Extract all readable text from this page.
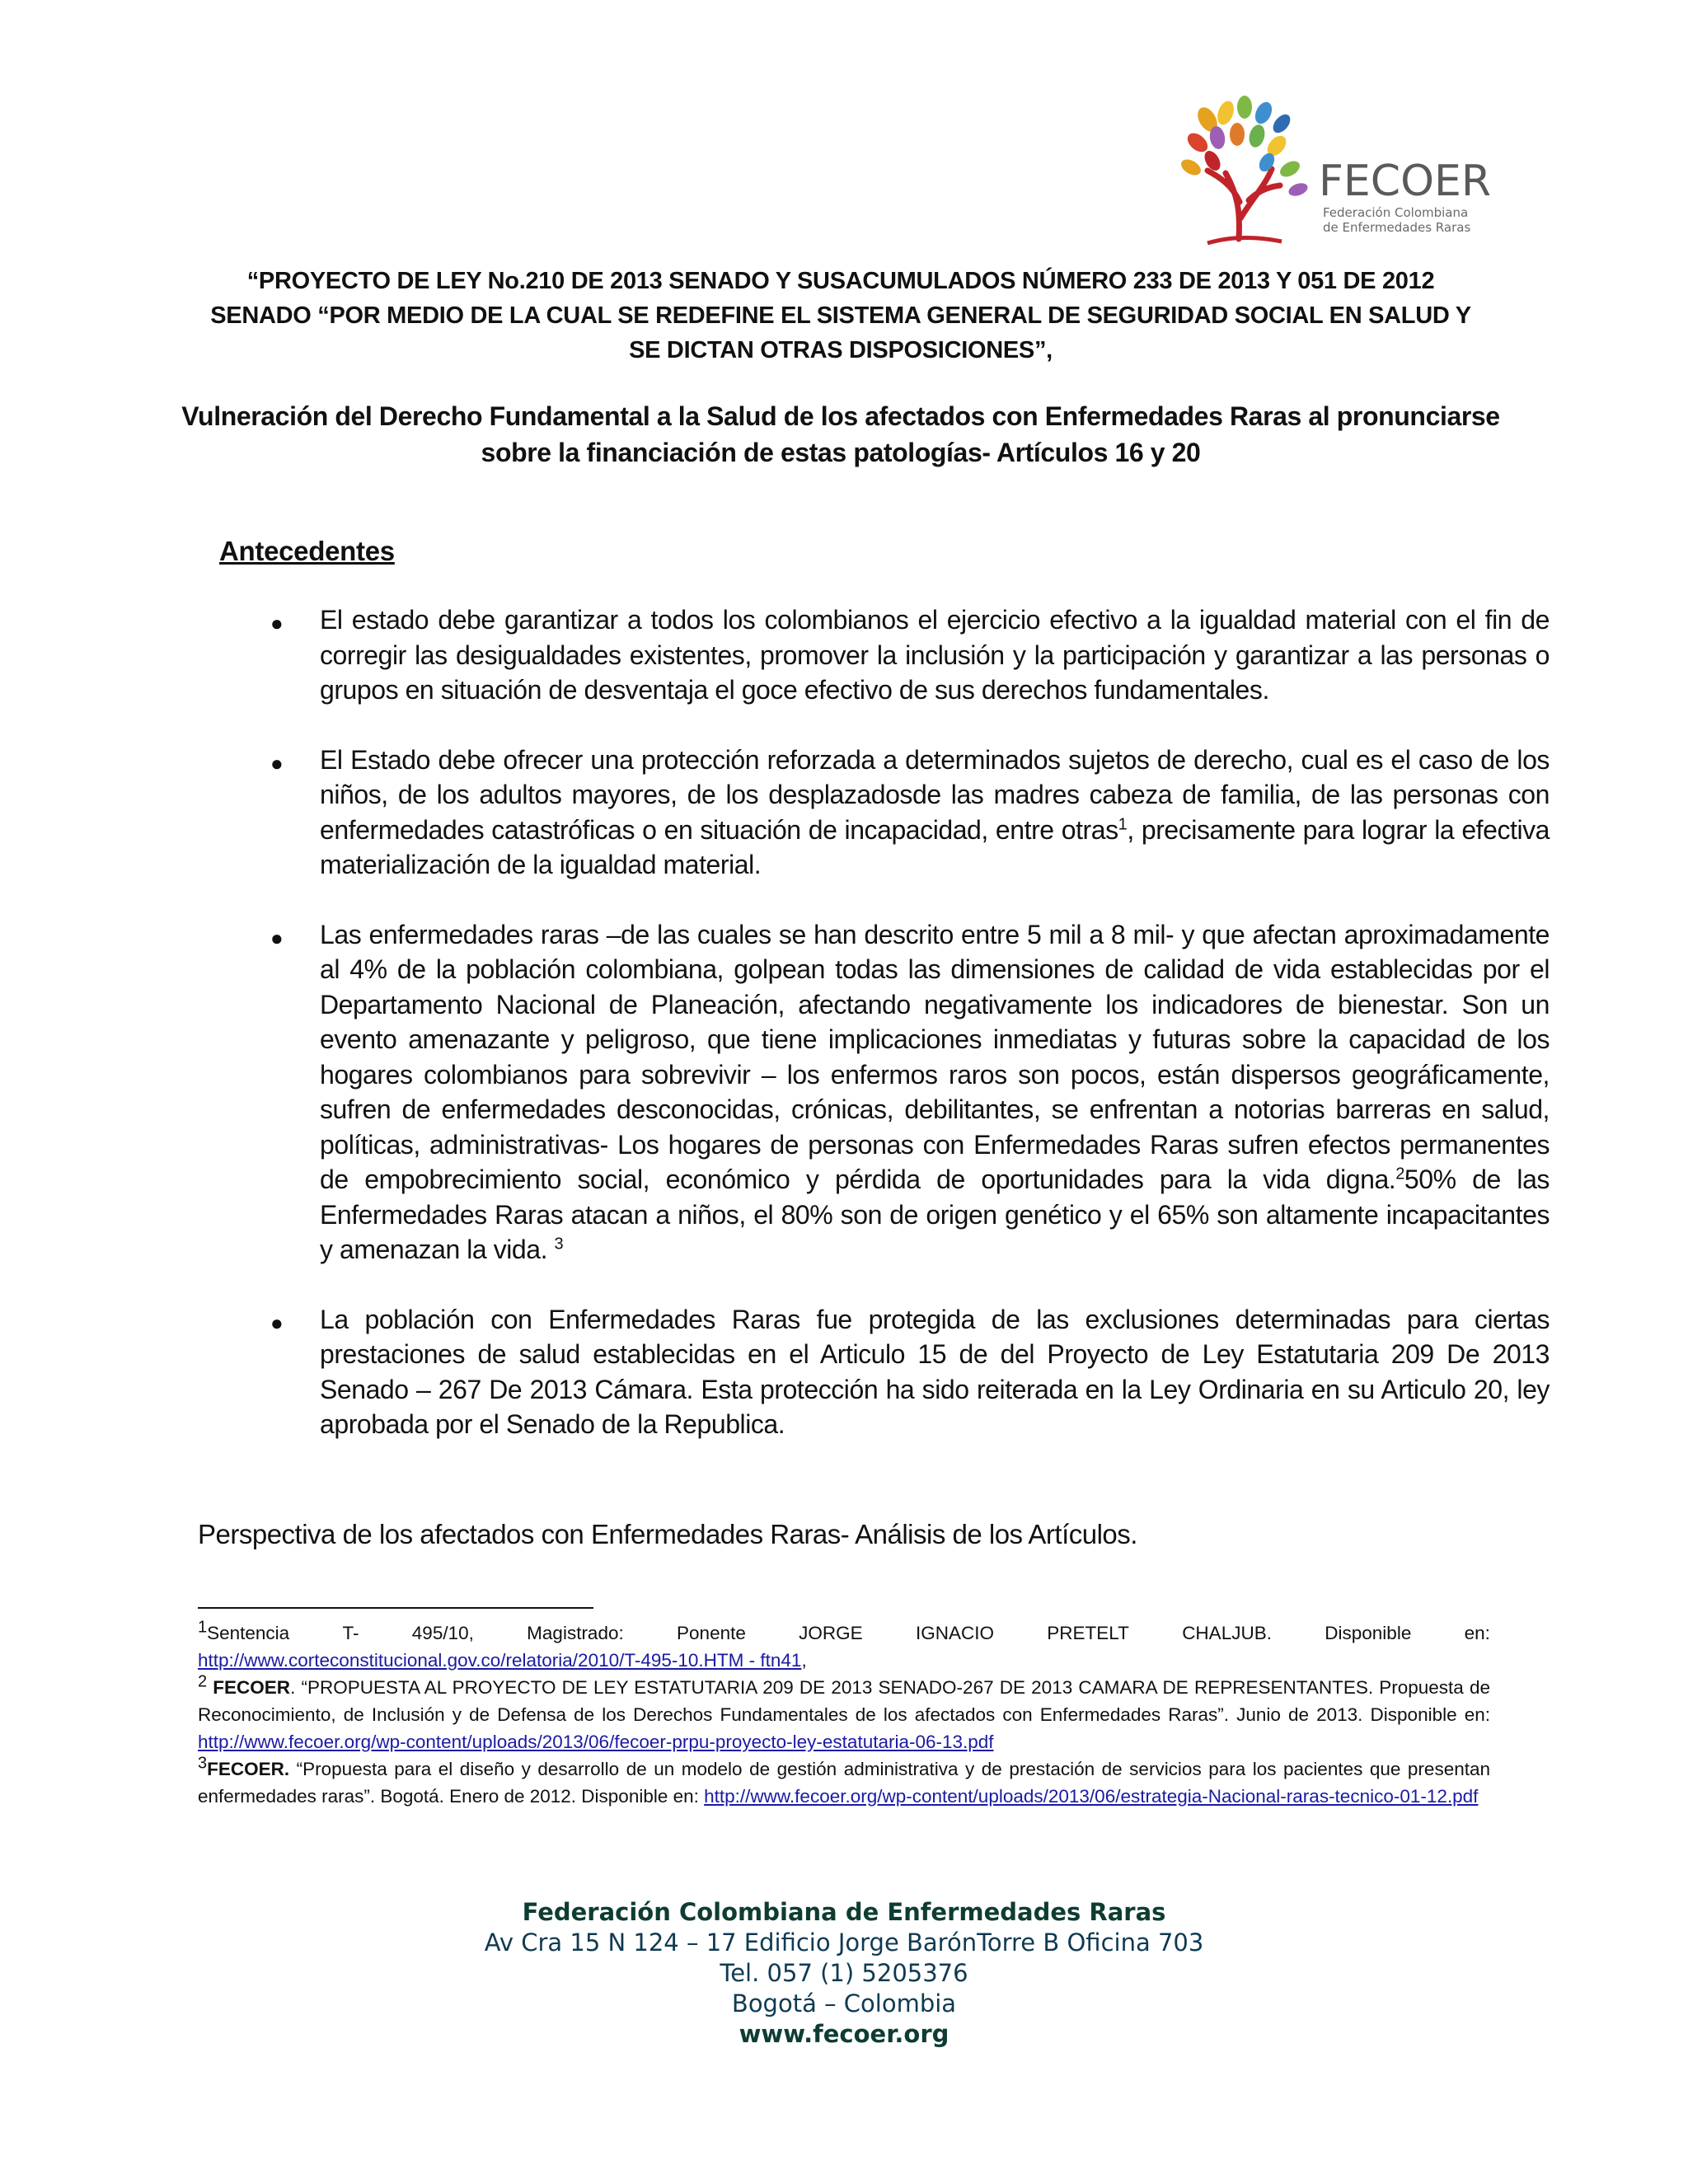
FECOER
Federación Colombiana
de Enfermedades Raras
“PROYECTO DE LEY No.210 DE 2013 SENADO Y SUSACUMULADOS NÚMERO 233 DE 2013 Y 051 DE 2012
SENADO “POR MEDIO DE LA CUAL SE REDEFINE EL SISTEMA GENERAL DE SEGURIDAD SOCIAL EN SALUD Y
SE DICTAN OTRAS DISPOSICIONES”,
Vulneración del Derecho Fundamental a la Salud de los afectados con Enfermedades Raras al pronunciarse
sobre la financiación de estas patologías- Artículos 16 y 20
Antecedentes
● El estado debe garantizar a todos los colombianos el ejercicio efectivo a la igualdad material con el fin de corregir las desigualdades existentes, promover la inclusión y la participación y garantizar a las personas o grupos en situación de desventaja el goce efectivo de sus derechos fundamentales.
● El Estado debe ofrecer una protección reforzada a determinados sujetos de derecho, cual es el caso de los niños, de los adultos mayores, de los desplazadosde las madres cabeza de familia, de las personas con enfermedades catastróficas o en situación de incapacidad, entre otras$^1$, precisamente para lograr la efectiva materialización de la igualdad material.
● Las enfermedades raras –de las cuales se han descrito entre 5 mil a 8 mil- y que afectan aproximadamente al 4% de la población colombiana, golpean todas las dimensiones de calidad de vida establecidas por el Departamento Nacional de Planeación, afectando negativamente los indicadores de bienestar. Son un evento amenazante y peligroso, que tiene implicaciones inmediatas y futuras sobre la capacidad de los hogares colombianos para sobrevivir – los enfermos raros son pocos, están dispersos geográficamente, sufren de enfermedades desconocidas, crónicas, debilitantes, se enfrentan a notorias barreras en salud, políticas, administrativas- Los hogares de personas con Enfermedades Raras sufren efectos permanentes de empobrecimiento social, económico y pérdida de oportunidades para la vida digna.$^2$50% de las Enfermedades Raras atacan a niños, el 80% son de origen genético y el 65% son altamente incapacitantes y amenazan la vida. $^3$
● La población con Enfermedades Raras fue protegida de las exclusiones determinadas para ciertas prestaciones de salud establecidas en el Articulo 15 de del Proyecto de Ley Estatutaria 209 De 2013 Senado – 267 De 2013 Cámara. Esta protección ha sido reiterada en la Ley Ordinaria en su Articulo 20, ley aprobada por el Senado de la Republica.
Perspectiva de los afectados con Enfermedades Raras- Análisis de los Artículos.
$^1$Sentencia	T-	495/10,	Magistrado:	Ponente	JORGE	IGNACIO	PRETELT	CHALJUB.	Disponible	en:
http://www.corteconstitucional.gov.co/relatoria/2010/T-495-10.HTM - ftn41,
$^2$ FECOER. “PROPUESTA AL PROYECTO DE LEY ESTATUTARIA 209 DE 2013 SENADO-267 DE 2013 CAMARA DE REPRESENTANTES. Propuesta de Reconocimiento, de Inclusión y de Defensa de los Derechos Fundamentales de los afectados con Enfermedades Raras”. Junio de 2013. Disponible en: http://www.fecoer.org/wp-content/uploads/2013/06/fecoer-prpu-proyecto-ley-estatutaria-06-13.pdf
$^3$FECOER. “Propuesta para el diseño y desarrollo de un modelo de gestión administrativa y de prestación de servicios para los pacientes que presentan enfermedades raras”. Bogotá. Enero de 2012. Disponible en: http://www.fecoer.org/wp-content/uploads/2013/06/estrategia-Nacional-raras-tecnico-01-12.pdf
Federación Colombiana de Enfermedades Raras
Av Cra 15 N 124 – 17 Edificio Jorge BarónTorre B Oficina 703
Tel. 057 (1) 5205376
Bogotá – Colombia
www.fecoer.org
